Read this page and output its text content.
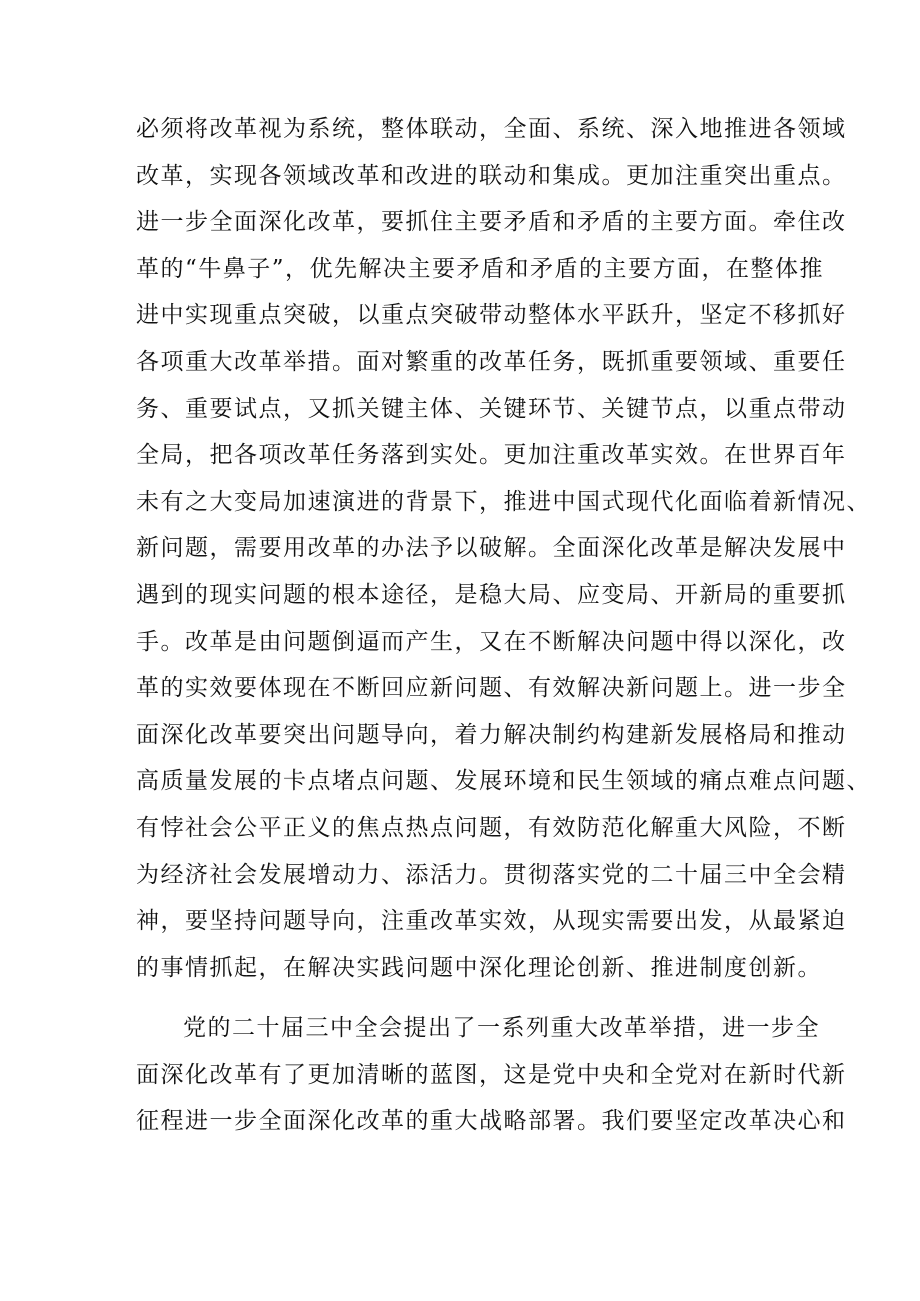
必须将改革视为系统，整体联动，全面、系统、深入地推进各领域
改革，实现各领域改革和改进的联动和集成。更加注重突出重点。
进一步全面深化改革，要抓住主要矛盾和矛盾的主要方面。牵住改
革的“牛鼻子”，优先解决主要矛盾和矛盾的主要方面，在整体推
进中实现重点突破，以重点突破带动整体水平跃升，坚定不移抓好
各项重大改革举措。面对繁重的改革任务，既抓重要领域、重要任
务、重要试点，又抓关键主体、关键环节、关键节点，以重点带动
全局，把各项改革任务落到实处。更加注重改革实效。在世界百年
未有之大变局加速演进的背景下，推进中国式现代化面临着新情况、
新问题，需要用改革的办法予以破解。全面深化改革是解决发展中
遇到的现实问题的根本途径，是稳大局、应变局、开新局的重要抓
手。改革是由问题倒逼而产生，又在不断解决问题中得以深化，改
革的实效要体现在不断回应新问题、有效解决新问题上。进一步全
面深化改革要突出问题导向，着力解决制约构建新发展格局和推动
高质量发展的卡点堵点问题、发展环境和民生领域的痛点难点问题、
有悖社会公平正义的焦点热点问题，有效防范化解重大风险，不断
为经济社会发展增动力、添活力。贯彻落实党的二十届三中全会精
神，要坚持问题导向，注重改革实效，从现实需要出发，从最紧迫
的事情抓起，在解决实践问题中深化理论创新、推进制度创新。
党的二十届三中全会提出了一系列重大改革举措，进一步全
面深化改革有了更加清晰的蓝图，这是党中央和全党对在新时代新
征程进一步全面深化改革的重大战略部署。我们要坚定改革决心和
